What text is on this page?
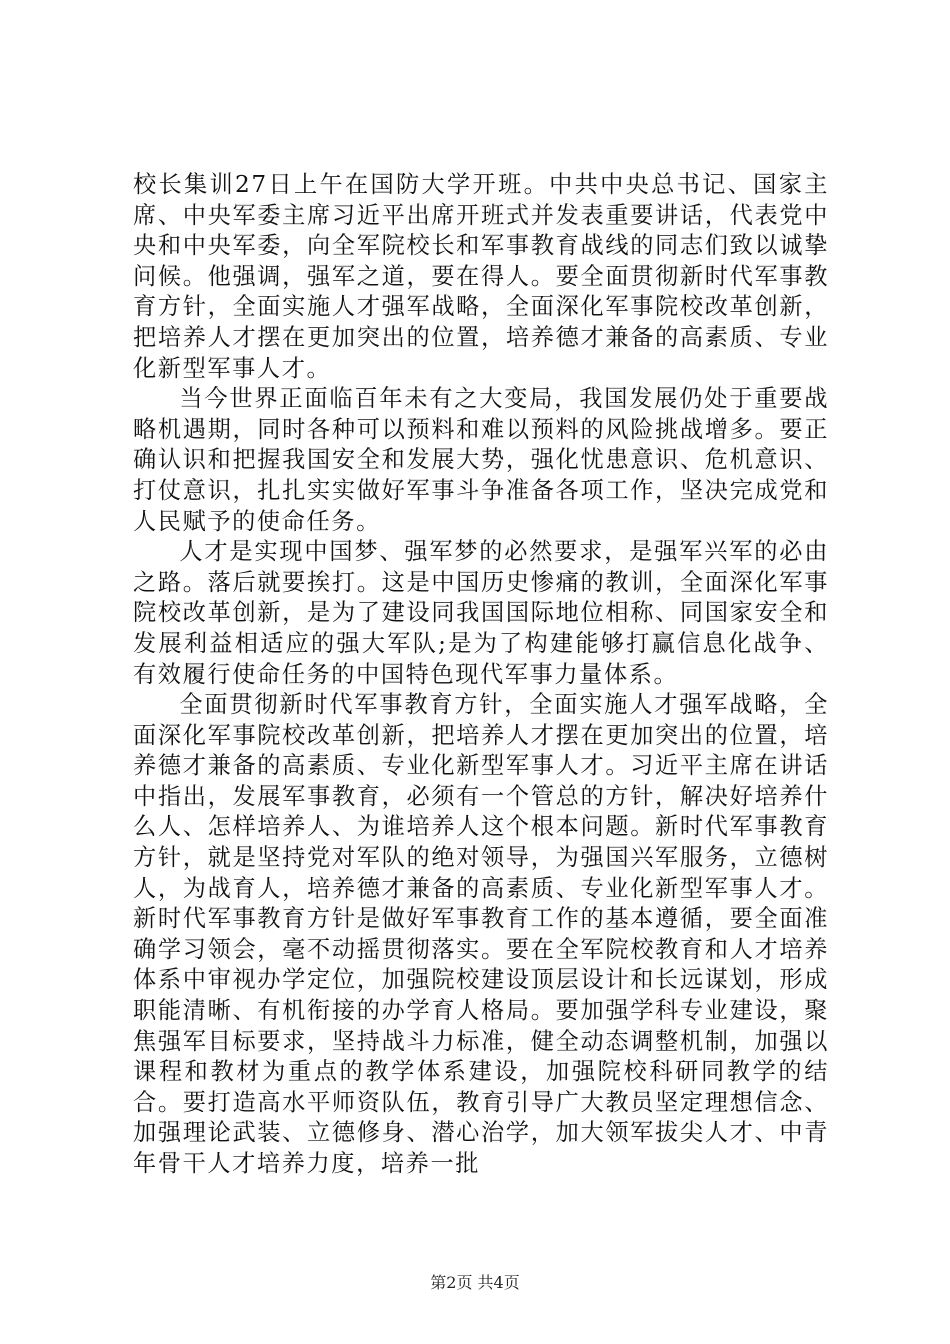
校长集训27日上午在国防大学开班。中共中央总书记、国家主席、中央军委主席习近平出席开班式并发表重要讲话，代表党中央和中央军委，向全军院校长和军事教育战线的同志们致以诚挚问候。他强调，强军之道，要在得人。要全面贯彻新时代军事教育方针，全面实施人才强军战略，全面深化军事院校改革创新，把培养人才摆在更加突出的位置，培养德才兼备的高素质、专业化新型军事人才。

当今世界正面临百年未有之大变局，我国发展仍处于重要战略机遇期，同时各种可以预料和难以预料的风险挑战增多。要正确认识和把握我国安全和发展大势，强化忧患意识、危机意识、打仗意识，扎扎实实做好军事斗争准备各项工作，坚决完成党和人民赋予的使命任务。

人才是实现中国梦、强军梦的必然要求，是强军兴军的必由之路。落后就要挨打。这是中国历史惨痛的教训，全面深化军事院校改革创新，是为了建设同我国国际地位相称、同国家安全和发展利益相适应的强大军队;是为了构建能够打赢信息化战争、有效履行使命任务的中国特色现代军事力量体系。

全面贯彻新时代军事教育方针，全面实施人才强军战略，全面深化军事院校改革创新，把培养人才摆在更加突出的位置，培养德才兼备的高素质、专业化新型军事人才。习近平主席在讲话中指出，发展军事教育，必须有一个管总的方针，解决好培养什么人、怎样培养人、为谁培养人这个根本问题。新时代军事教育方针，就是坚持党对军队的绝对领导，为强国兴军服务，立德树人，为战育人，培养德才兼备的高素质、专业化新型军事人才。新时代军事教育方针是做好军事教育工作的基本遵循，要全面准确学习领会，毫不动摇贯彻落实。要在全军院校教育和人才培养体系中审视办学定位，加强院校建设顶层设计和长远谋划，形成职能清晰、有机衔接的办学育人格局。要加强学科专业建设，聚焦强军目标要求，坚持战斗力标准，健全动态调整机制，加强以课程和教材为重点的教学体系建设，加强院校科研同教学的结合。要打造高水平师资队伍，教育引导广大教员坚定理想信念、加强理论武装、立德修身、潜心治学，加大领军拔尖人才、中青年骨干人才培养力度，培养一批

第2页 共4页
